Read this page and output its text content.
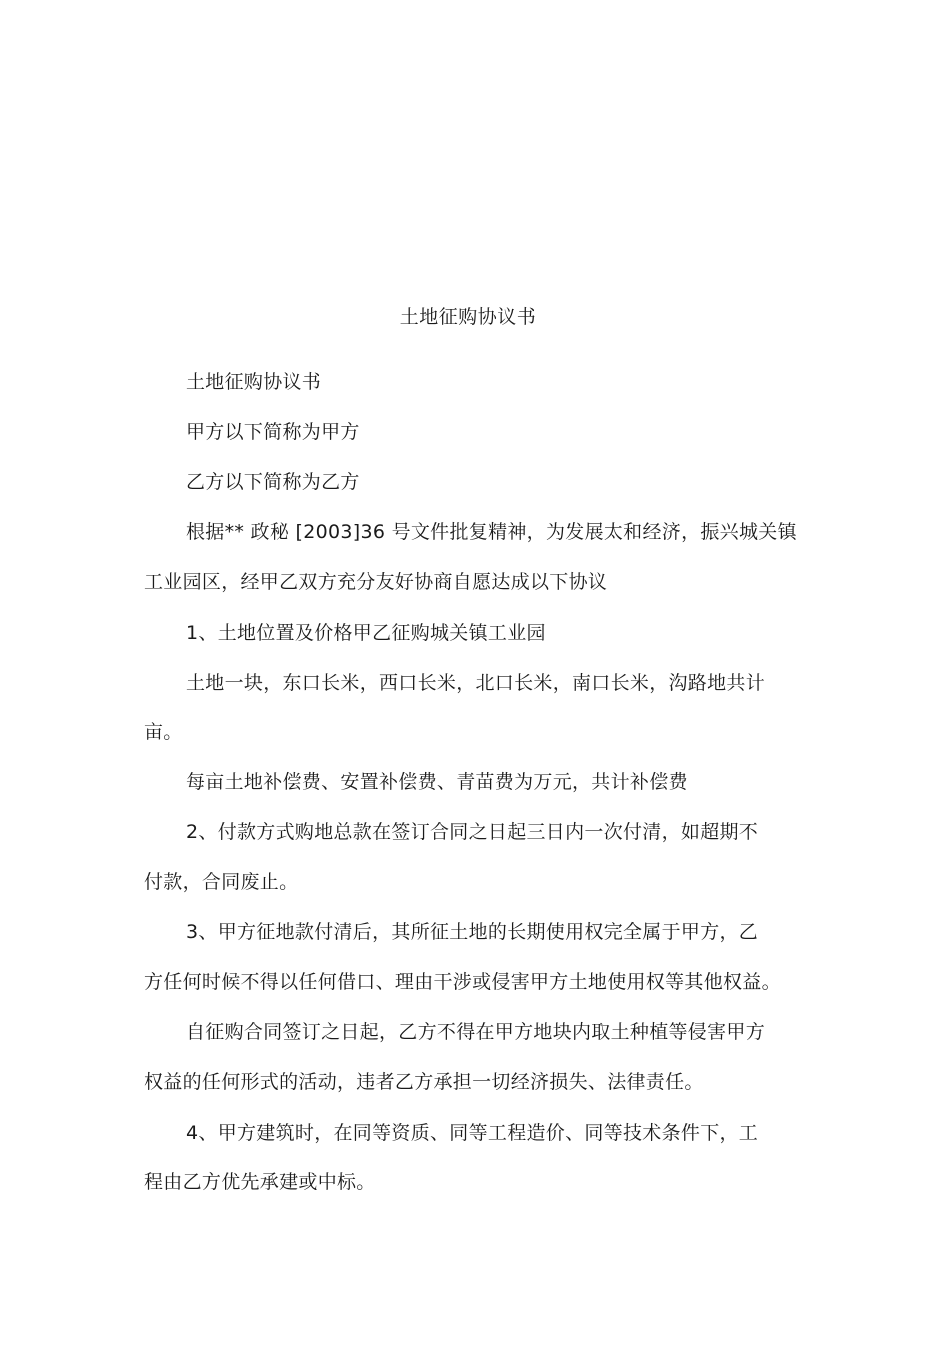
土地征购协议书
土地征购协议书
甲方以下简称为甲方
乙方以下简称为乙方
根据** 政秘 [2003]36 号文件批复精神，为发展太和经济，振兴城关镇
工业园区，经甲乙双方充分友好协商自愿达成以下协议
1、土地位置及价格甲乙征购城关镇工业园
土地一块，东口长米，西口长米，北口长米，南口长米，沟路地共计
亩。
每亩土地补偿费、安置补偿费、青苗费为万元，共计补偿费
2、付款方式购地总款在签订合同之日起三日内一次付清，如超期不
付款，合同废止。
3、甲方征地款付清后，其所征土地的长期使用权完全属于甲方，乙
方任何时候不得以任何借口、理由干涉或侵害甲方土地使用权等其他权益。
自征购合同签订之日起，乙方不得在甲方地块内取土种植等侵害甲方
权益的任何形式的活动，违者乙方承担一切经济损失、法律责任。
4、甲方建筑时，在同等资质、同等工程造价、同等技术条件下，工
程由乙方优先承建或中标。
